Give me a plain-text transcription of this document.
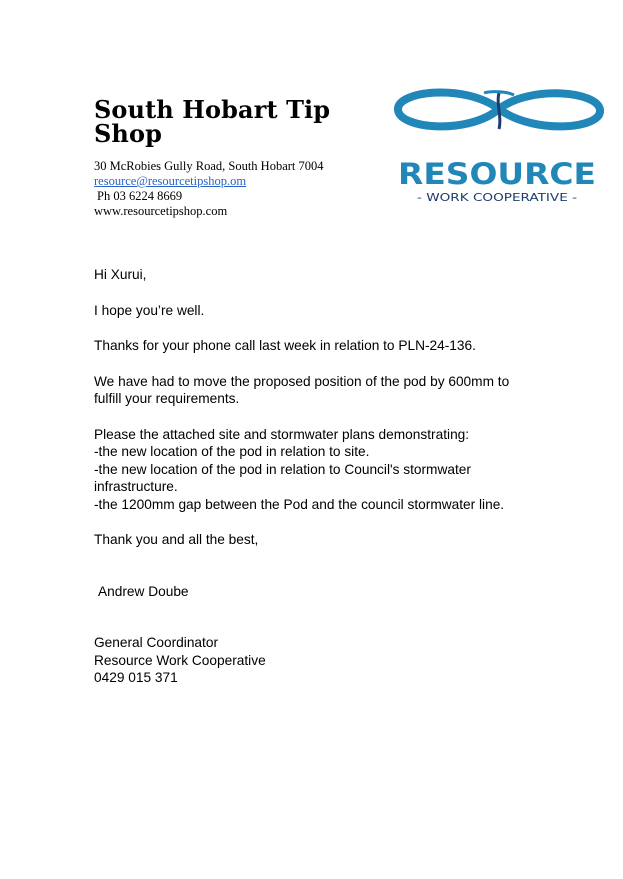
South Hobart Tip Shop
30 McRobies Gully Road, South Hobart 7004
resource@resourcetipshop.om
Ph 03 6224 8669
www.resourcetipshop.com
RESOURCE
- WORK COOPERATIVE -

Hi Xurui,

I hope you’re well.

Thanks for your phone call last week in relation to PLN-24-136.

We have had to move the proposed position of the pod by 600mm to fulfill your requirements.

Please the attached site and stormwater plans demonstrating:

-the new location of the pod in relation to site.

-the new location of the pod in relation to Council's stormwater infrastructure.

-the 1200mm gap between the Pod and the council stormwater line.

Thank you and all the best,

Andrew Doube

General Coordinator

Resource Work Cooperative

0429 015 371
